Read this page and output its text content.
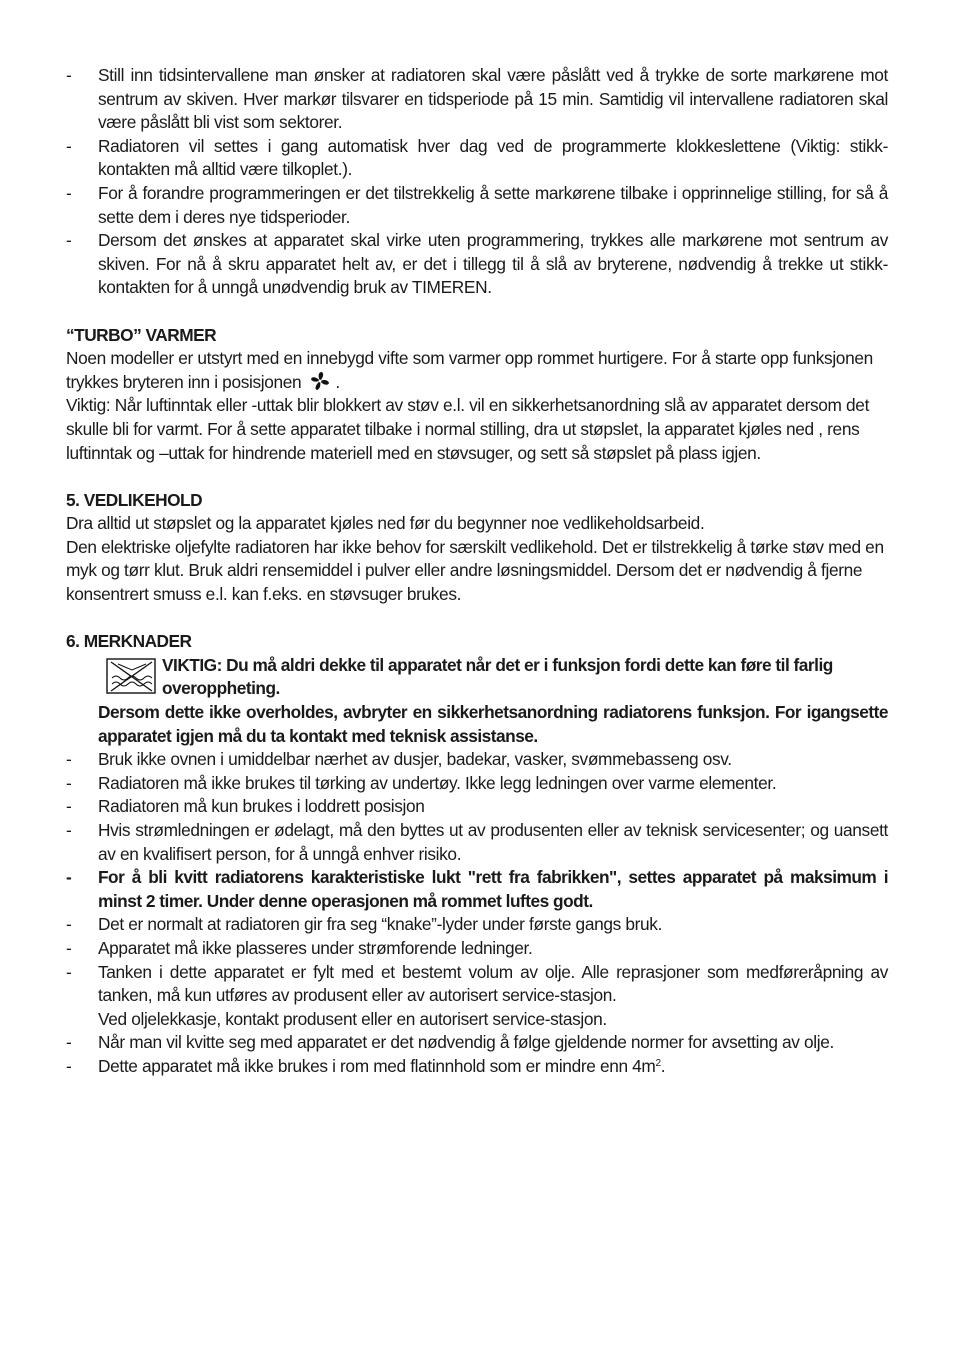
- Still inn tidsintervallene man ønsker at radiatoren skal være påslått ved å trykke de sorte markørene mot sentrum av skiven. Hver markør tilsvarer en tidsperiode på 15 min. Samtidig vil intervallene radiatoren skal være påslått bli vist som sektorer.
- Radiatoren vil settes i gang automatisk hver dag ved de programmerte klokkeslettene (Viktig: stikk-kontakten må alltid være tilkoplet.).
- For å forandre programmeringen er det tilstrekkelig å sette markørene tilbake i opprinnelige stilling, for så å sette dem i deres nye tidsperioder.
- Dersom det ønskes at apparatet skal virke uten programmering, trykkes alle markørene mot sentrum av skiven. For nå å skru apparatet helt av, er det i tillegg til å slå av bryterene, nødvendig å trekke ut stikk-kontakten for å unngå unødvendig bruk av TIMEREN.
“TURBO” VARMER

Noen modeller er utstyrt med en innebygd vifte som varmer opp rommet hurtigere. For å starte opp funksjonen trykkes bryteren inn i posisjonen .

Viktig: Når luftinntak eller -uttak blir blokkert av støv e.l. vil en sikkerhetsanordning slå av apparatet dersom det skulle bli for varmt. For å sette apparatet tilbake i normal stilling, dra ut støpslet, la apparatet kjøles ned , rens luftinntak og –uttak for hindrende materiell med en støvsuger, og sett så støpslet på plass igjen.

5. VEDLIKEHOLD

Dra alltid ut støpslet og la apparatet kjøles ned før du begynner noe vedlikeholdsarbeid.

Den elektriske oljefylte radiatoren har ikke behov for særskilt vedlikehold. Det er tilstrekkelig å tørke støv med en myk og tørr klut. Bruk aldri rensemiddel i pulver eller andre løsningsmiddel. Dersom det er nødvendig å fjerne konsentrert smuss e.l. kan f.eks. en støvsuger brukes.

6. MERKNADER

VIKTIG: Du må aldri dekke til apparatet når det er i funksjon fordi dette kan føre til farlig overoppheting.

Dersom dette ikke overholdes, avbryter en sikkerhetsanordning radiatorens funksjon. For igangsette apparatet igjen må du ta kontakt med teknisk assistanse.

- Bruk ikke ovnen i umiddelbar nærhet av dusjer, badekar, vasker, svømmebasseng osv.
- Radiatoren må ikke brukes til tørking av undertøy. Ikke legg ledningen over varme elementer.
- Radiatoren må kun brukes i loddrett posisjon
- Hvis strømledningen er ødelagt, må den byttes ut av produsenten eller av teknisk servicesenter; og uansett av en kvalifisert person, for å unngå enhver risiko.
- For å bli kvitt radiatorens karakteristiske lukt "rett fra fabrikken", settes apparatet på maksimum i minst 2 timer. Under denne operasjonen må rommet luftes godt.
- Det er normalt at radiatoren gir fra seg “knake”-lyder under første gangs bruk.
- Apparatet må ikke plasseres under strømforende ledninger.
- Tanken i dette apparatet er fylt med et bestemt volum av olje. Alle reprasjoner som medføreråpning av tanken, må kun utføres av produsent eller av autorisert service-stasjon.
Ved oljelekkasje, kontakt produsent eller en autorisert service-stasjon.
- Når man vil kvitte seg med apparatet er det nødvendig å følge gjeldende normer for avsetting av olje.
- Dette apparatet må ikke brukes i rom med flatinnhold som er mindre enn $4m^2$.
